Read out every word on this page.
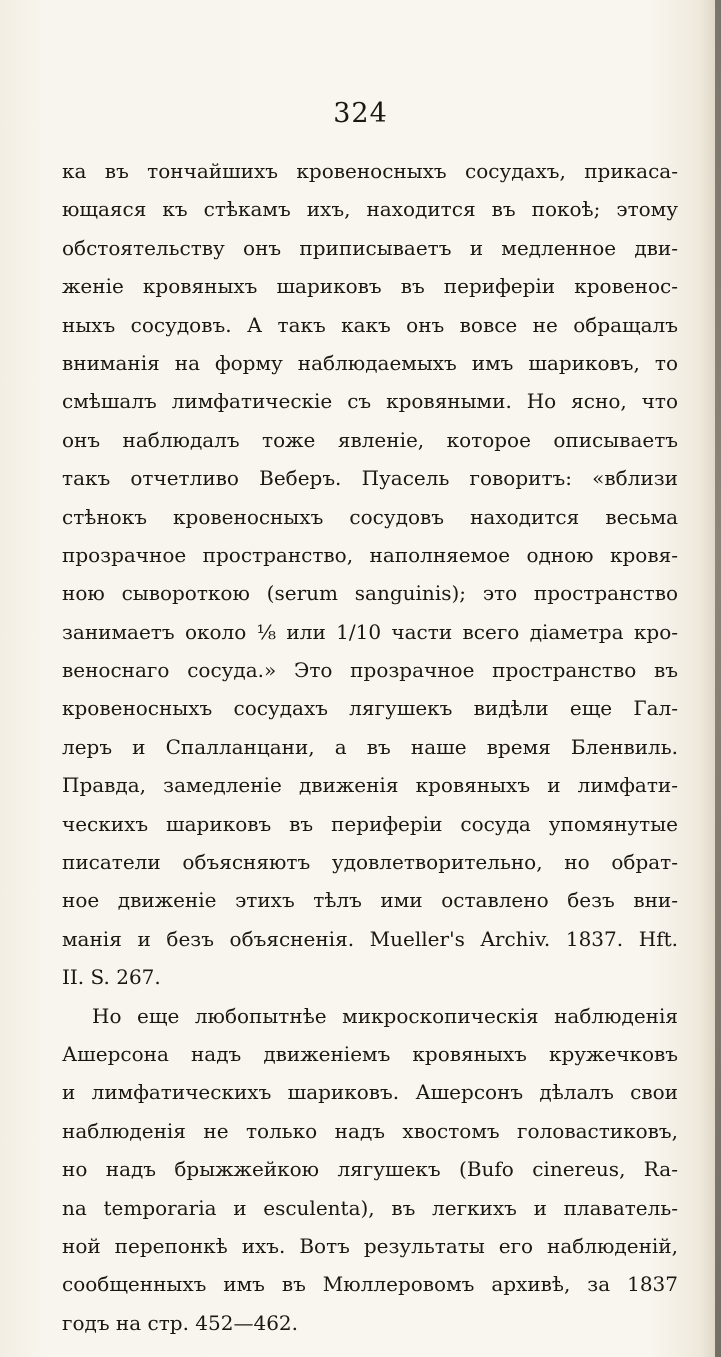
324
ка въ тончайшихъ кровеносныхъ сосудахъ, прикаса-
ющаяся къ стѣкамъ ихъ, находится въ покоѣ; этому
обстоятельству онъ приписываетъ и медленное дви-
женіе кровяныхъ шариковъ въ периферіи кровенос-
ныхъ сосудовъ. А такъ какъ онъ вовсе не обращалъ
вниманія на форму наблюдаемыхъ имъ шариковъ, то
смѣшалъ лимфатическіе съ кровяными. Но ясно, что
онъ наблюдалъ тоже явленіе, которое описываетъ
такъ отчетливо Веберъ. Пуасель говоритъ: «вблизи
стѣнокъ кровеносныхъ сосудовъ находится весьма
прозрачное пространство, наполняемое одною кровя-
ною сывороткою (serum sanguinis); это пространство
занимаетъ около ⅛ или 1/10 части всего діаметра кро-
веноснаго сосуда.» Это прозрачное пространство въ
кровеносныхъ сосудахъ лягушекъ видѣли еще Гал-
леръ и Спалланцани, а въ наше время Бленвиль.
Правда, замедленіе движенія кровяныхъ и лимфати-
ческихъ шариковъ въ периферіи сосуда упомянутые
писатели объясняютъ удовлетворительно, но обрат-
ное движеніе этихъ тѣлъ ими оставлено безъ вни-
манія и безъ объясненія. Mueller's Archiv. 1837. Hft.
II. S. 267.
Но еще любопытнѣе микроскопическія наблюденія
Ашерсона надъ движеніемъ кровяныхъ кружечковъ
и лимфатическихъ шариковъ. Ашерсонъ дѣлалъ свои
наблюденія не только надъ хвостомъ головастиковъ,
но надъ брыжжейкою лягушекъ (Bufo cinereus, Ra-
na temporaria и esculenta), въ легкихъ и плаватель-
ной перепонкѣ ихъ. Вотъ результаты его наблюденій,
сообщенныхъ имъ въ Мюллеровомъ архивѣ, за 1837
годъ на стр. 452—462.
